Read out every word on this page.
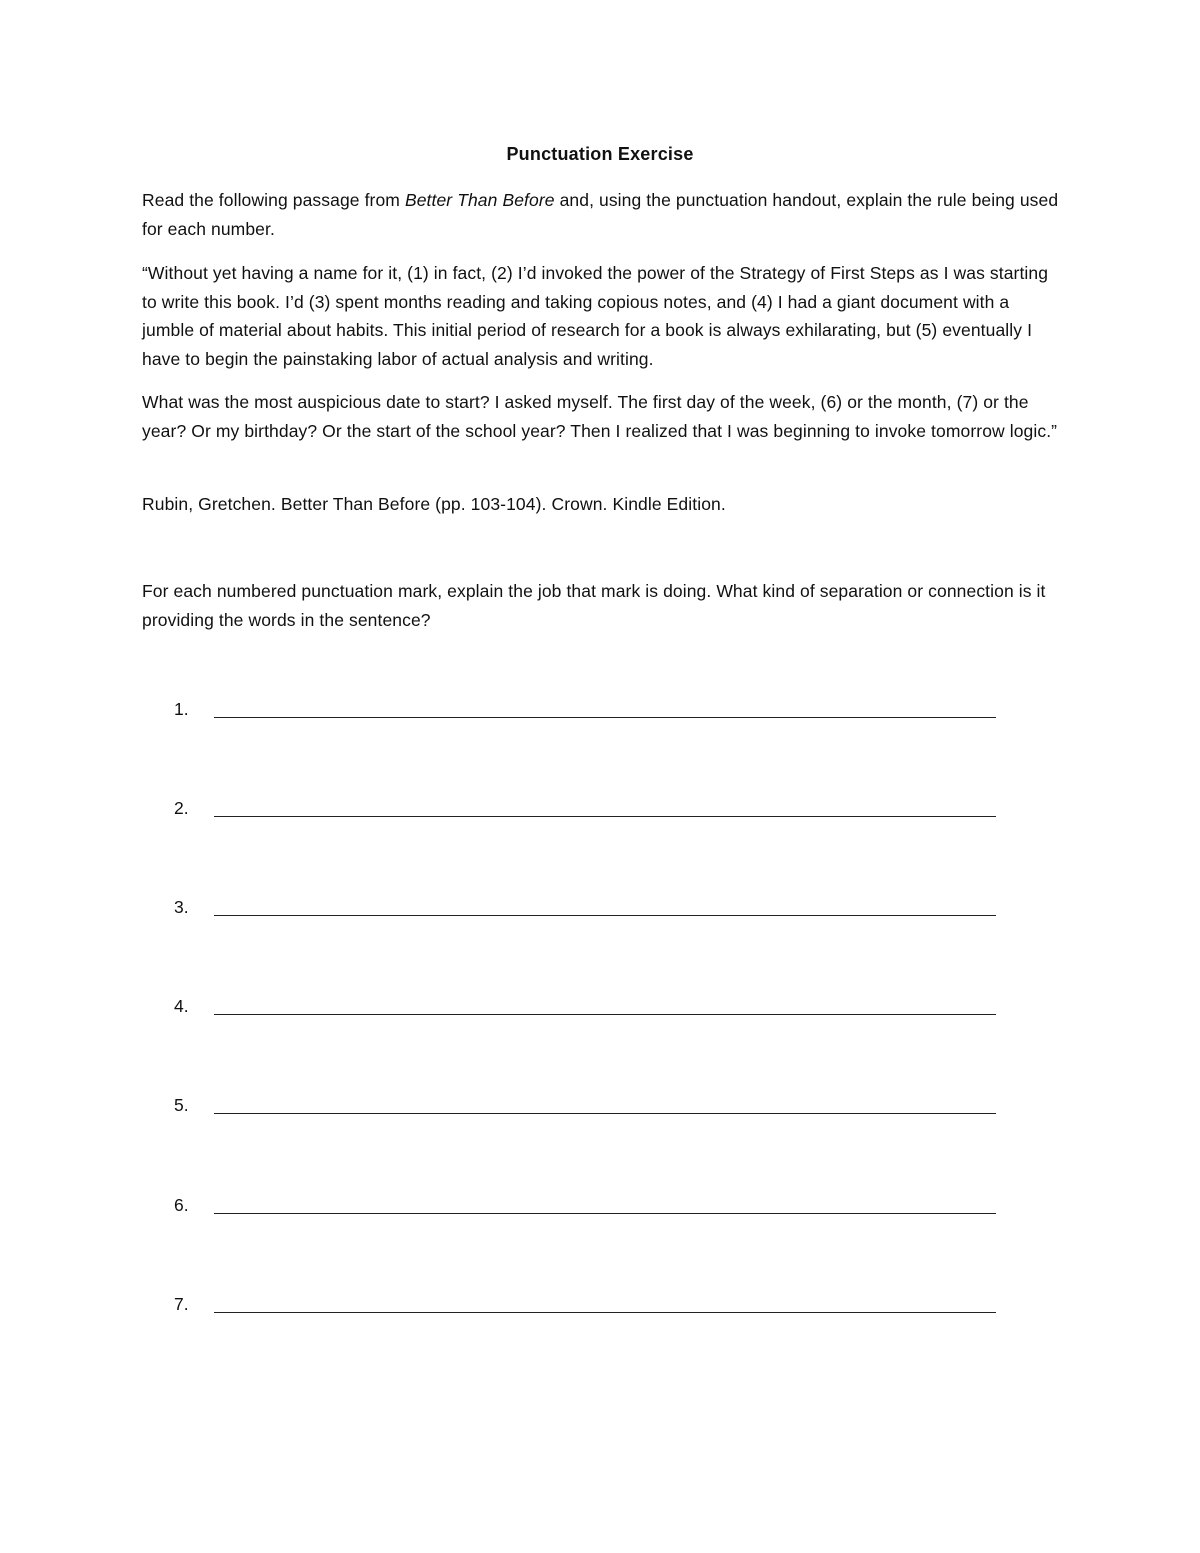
Punctuation Exercise
Read the following passage from Better Than Before and, using the punctuation handout, explain the rule being used for each number.
“Without yet having a name for it, (1) in fact, (2) I’d invoked the power of the Strategy of First Steps as I was starting to write this book. I’d (3) spent months reading and taking copious notes, and (4) I had a giant document with a jumble of material about habits. This initial period of research for a book is always exhilarating, but (5) eventually I have to begin the painstaking labor of actual analysis and writing.
What was the most auspicious date to start? I asked myself. The first day of the week, (6) or the month, (7) or the year? Or my birthday? Or the start of the school year? Then I realized that I was beginning to invoke tomorrow logic.”
Rubin, Gretchen. Better Than Before (pp. 103-104). Crown. Kindle Edition.
For each numbered punctuation mark, explain the job that mark is doing. What kind of separation or connection is it providing the words in the sentence?
1.
2.
3.
4.
5.
6.
7.
